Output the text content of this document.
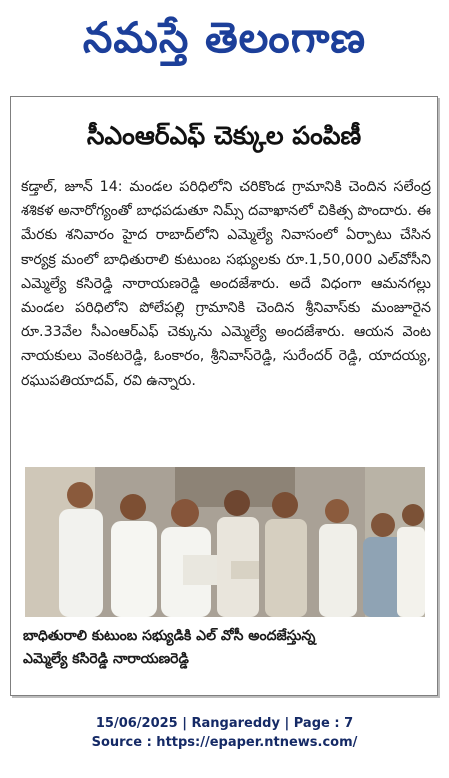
నమస్తే తెలంగాణ
సీఎంఆర్ఎఫ్ చెక్కుల పంపిణీ
కడ్తాల్, జూన్ 14: మండల పరిధిలోని చరికొండ గ్రామానికి చెందిన సలేంద్ర శశికళ అనారోగ్యంతో బాధపడుతూ నిమ్స్ దవాఖానలో చికిత్స పొందారు. ఈ మేరకు శనివారం హైద రాబాద్‌లోని ఎమ్మెల్యే నివాసంలో ఏర్పాటు చేసిన కార్యక్ర మంలో బాధితురాలి కుటుంబ సభ్యులకు రూ.1,50,000 ఎల్‌వోసీని ఎమ్మెల్యే కసిరెడ్డి నారాయణరెడ్డి అందజేశారు. అదే విధంగా ఆమనగల్లు మండల పరిధిలోని పోలేపల్లి గ్రామానికి చెందిన శ్రీనివాస్‌కు మంజూరైన రూ.33వేల సీఎంఆర్ఎఫ్ చెక్కును ఎమ్మెల్యే అందజేశారు. ఆయన వెంట నాయకులు వెంకటరెడ్డి, ఓంకారం, శ్రీనివాస్‌రెడ్డి, సురేందర్ రెడ్డి, యాదయ్య, రఘుపతియాదవ్, రవి ఉన్నారు.
బాధితురాలి కుటుంబ సభ్యుడికి ఎల్ వోసీ అందజేస్తున్న
ఎమ్మెల్యే కసిరెడ్డి నారాయణరెడ్డి
15/06/2025 | Rangareddy | Page : 7
Source : https://epaper.ntnews.com/
